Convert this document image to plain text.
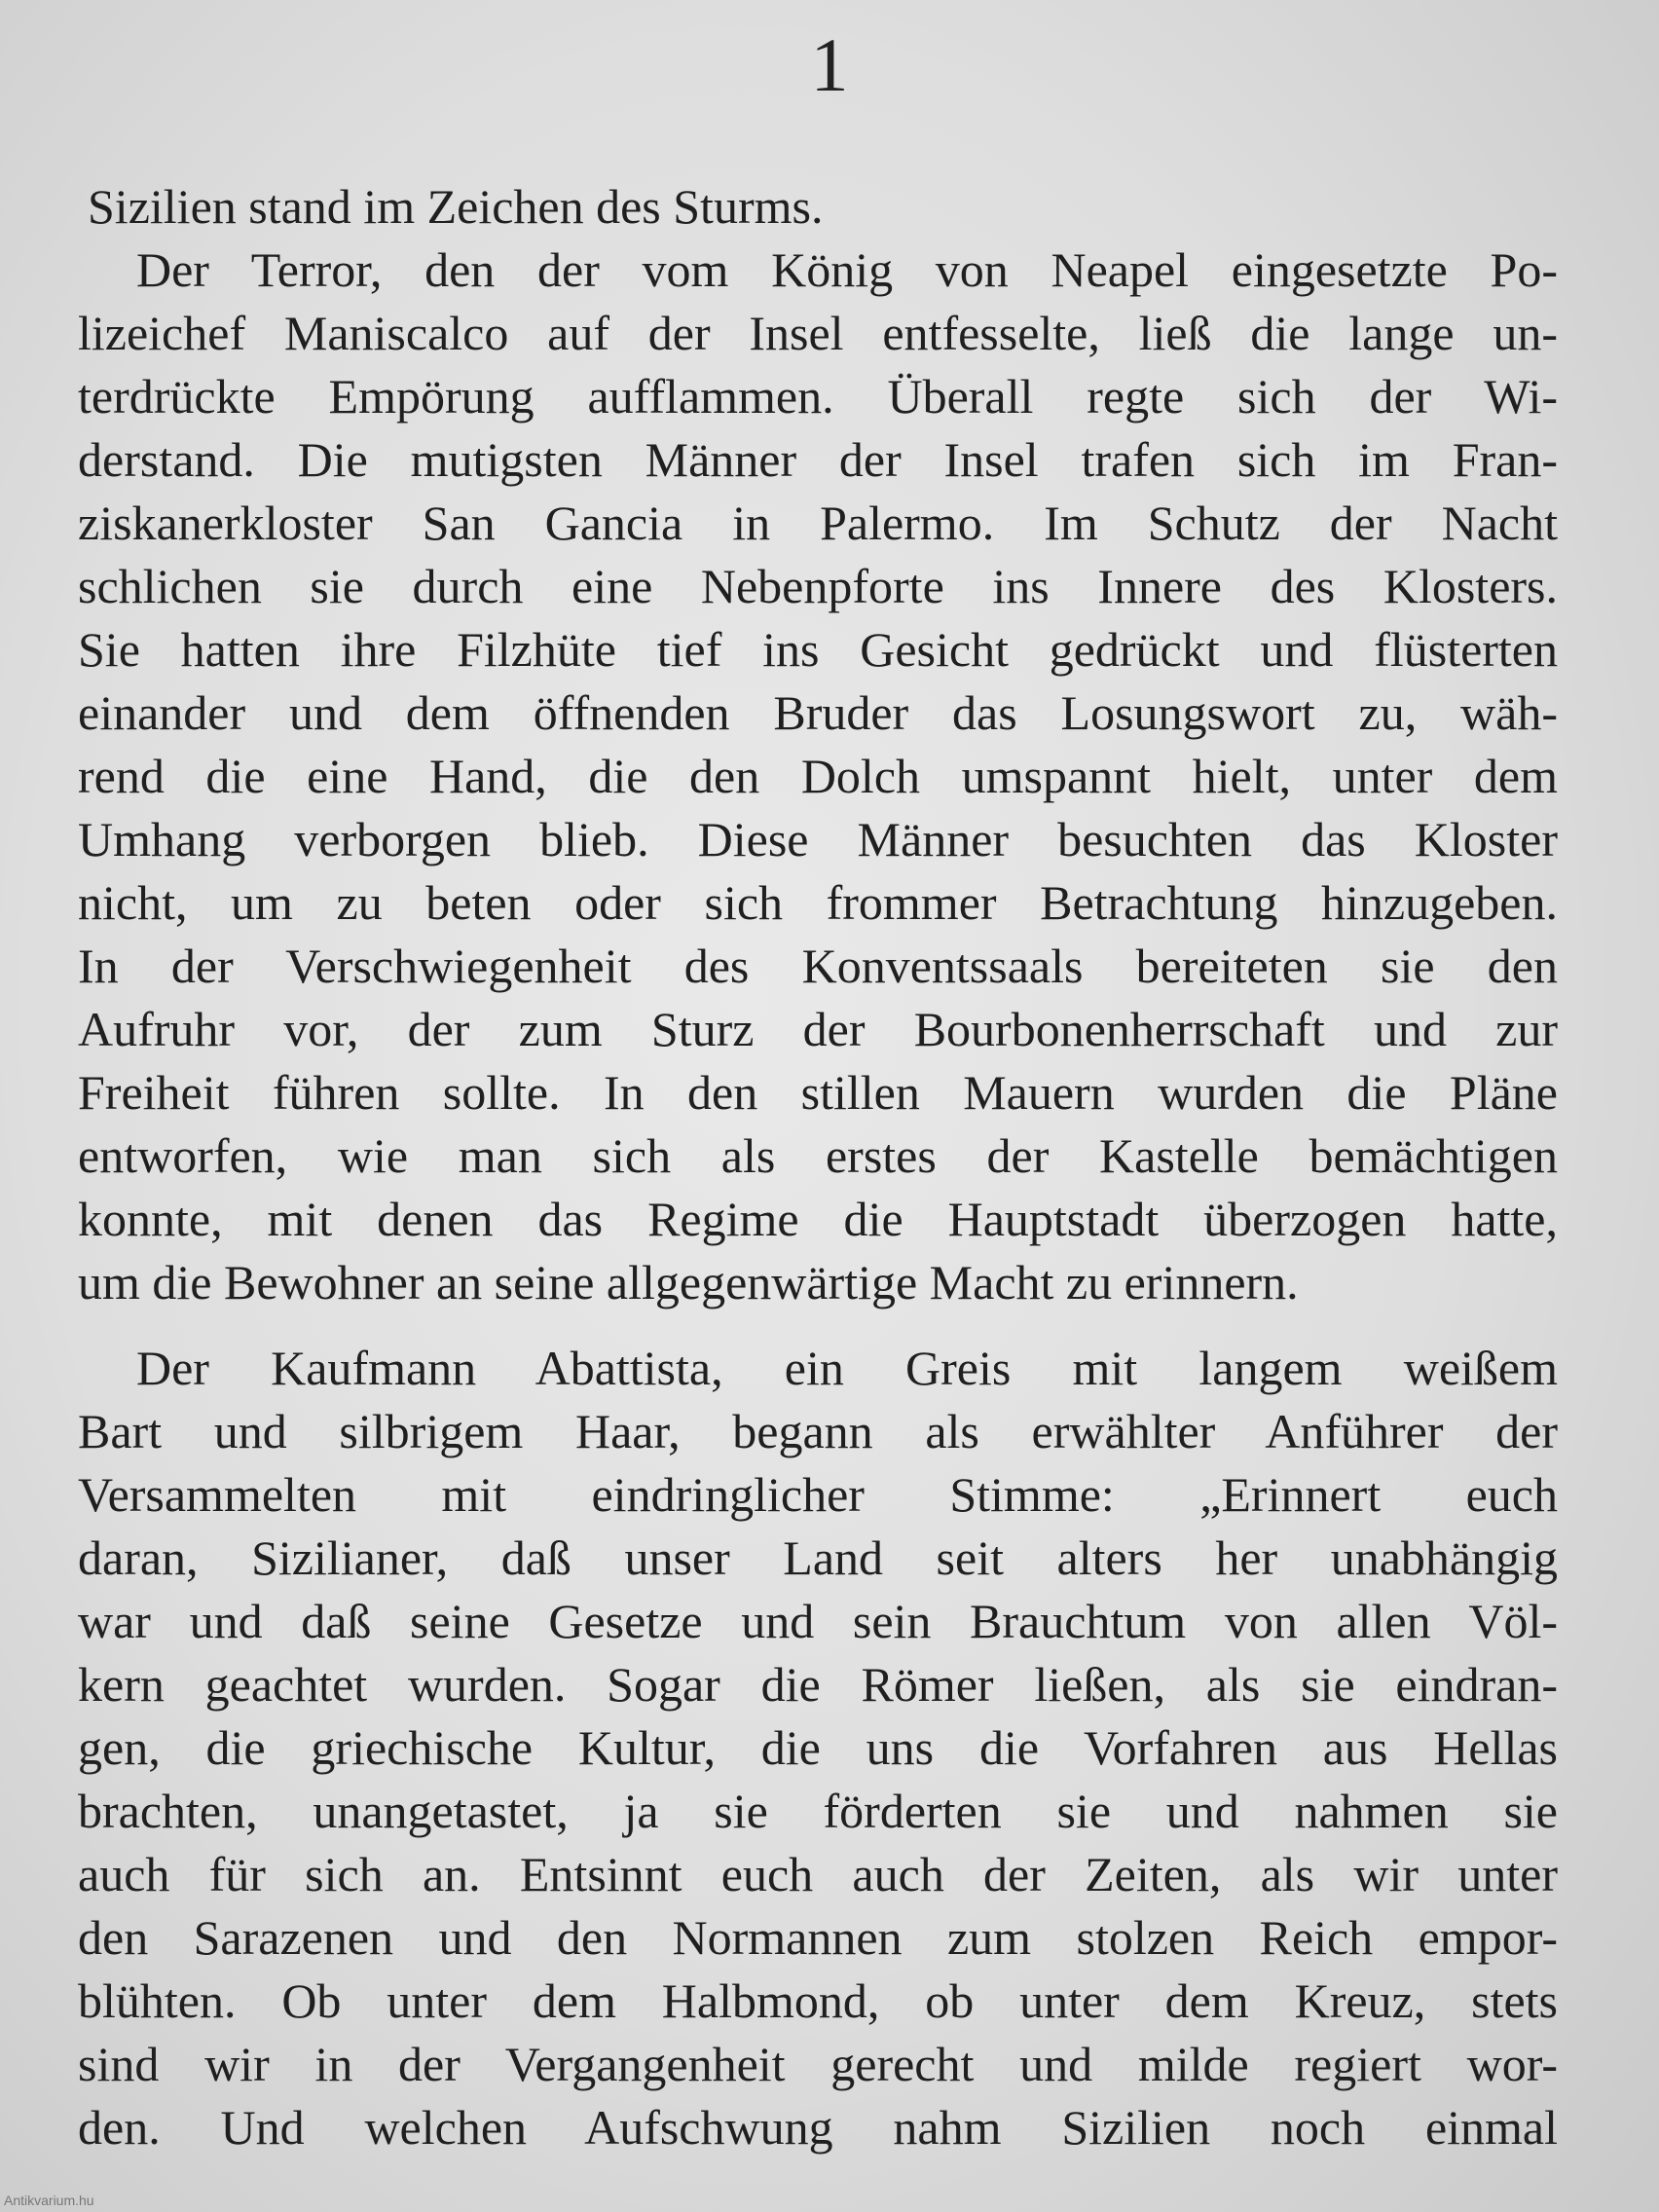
1
Sizilien stand im Zeichen des Sturms.
Der Terror, den der vom König von Neapel eingesetzte Po-
lizeichef Maniscalco auf der Insel entfesselte, ließ die lange un-
terdrückte Empörung aufflammen. Überall regte sich der Wi-
derstand. Die mutigsten Männer der Insel trafen sich im Fran-
ziskanerkloster San Gancia in Palermo. Im Schutz der Nacht
schlichen sie durch eine Nebenpforte ins Innere des Klosters.
Sie hatten ihre Filzhüte tief ins Gesicht gedrückt und flüsterten
einander und dem öffnenden Bruder das Losungswort zu, wäh-
rend die eine Hand, die den Dolch umspannt hielt, unter dem
Umhang verborgen blieb. Diese Männer besuchten das Kloster
nicht, um zu beten oder sich frommer Betrachtung hinzugeben.
In der Verschwiegenheit des Konventssaals bereiteten sie den
Aufruhr vor, der zum Sturz der Bourbonenherrschaft und zur
Freiheit führen sollte. In den stillen Mauern wurden die Pläne
entworfen, wie man sich als erstes der Kastelle bemächtigen
konnte, mit denen das Regime die Hauptstadt überzogen hatte,
um die Bewohner an seine allgegenwärtige Macht zu erinnern.
Der Kaufmann Abattista, ein Greis mit langem weißem
Bart und silbrigem Haar, begann als erwählter Anführer der
Versammelten mit eindringlicher Stimme: „Erinnert euch
daran, Sizilianer, daß unser Land seit alters her unabhängig
war und daß seine Gesetze und sein Brauchtum von allen Völ-
kern geachtet wurden. Sogar die Römer ließen, als sie eindran-
gen, die griechische Kultur, die uns die Vorfahren aus Hellas
brachten, unangetastet, ja sie förderten sie und nahmen sie
auch für sich an. Entsinnt euch auch der Zeiten, als wir unter
den Sarazenen und den Normannen zum stolzen Reich empor-
blühten. Ob unter dem Halbmond, ob unter dem Kreuz, stets
sind wir in der Vergangenheit gerecht und milde regiert wor-
den. Und welchen Aufschwung nahm Sizilien noch einmal
Antikvarium.hu
